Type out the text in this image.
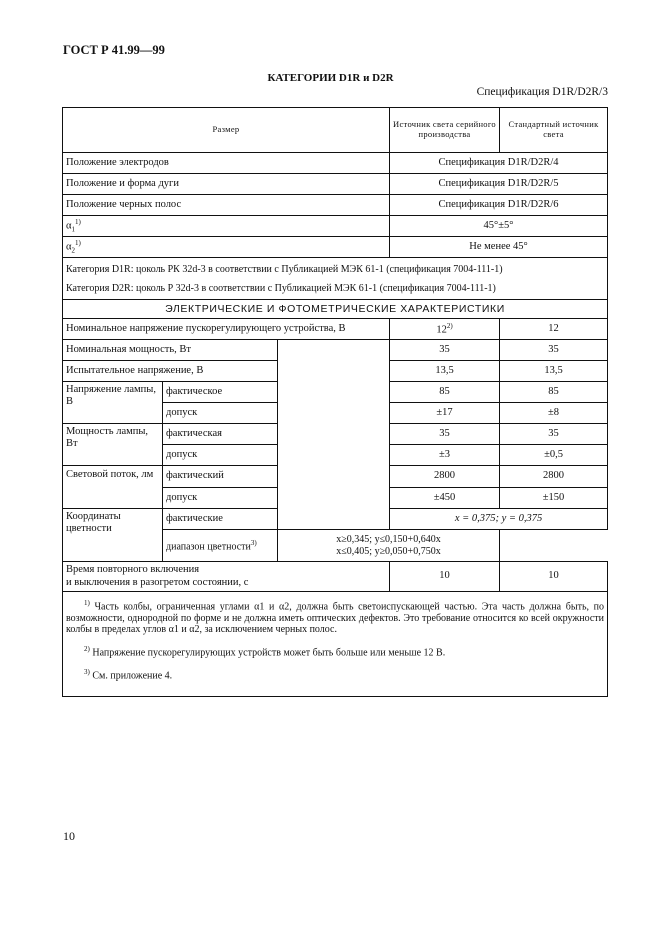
ГОСТ Р 41.99—99
КАТЕГОРИИ D1R и D2R
Спецификация D1R/D2R/3
Размер			Источник света серийного производства	Стандартный источник света
Положение электродов			Спецификация D1R/D2R/4	
Положение и форма дуги			Спецификация D1R/D2R/5	
Положение черных полос			Спецификация D1R/D2R/6	
$\alpha_1^{1)}$			45°±5°	
$\alpha_2^{1)}$			Не менее 45°	

Категория D1R: цоколь РК 32d-3 в соответствии с Публикацией МЭК 61-1 (спецификация 7004-111-1)
Категория D2R: цоколь Р 32d-3 в соответствии с Публикацией МЭК 61-1 (спецификация 7004-111-1)				

ЭЛЕКТРИЧЕСКИЕ И ФОТОМЕТРИЧЕСКИЕ ХАРАКТЕРИСТИКИ				
Номинальное напряжение пускорегулирующего устройства, В			12$^{2)}$	12
Номинальная мощность, Вт			35	35
Испытательное напряжение, В			13,5	13,5
Напряжение лампы, В	фактическое		85	85
	допуск		±17	±8
Мощность лампы, Вт	фактическая		35	35
	допуск		±3	±0,5
Световой поток, лм	фактический		2800	2800
	допуск		±450	±150
Координаты цветности	фактические		x = 0,375; y = 0,375	
	диапазон цветности$^{3)}$	x≥0,345; y≤0,150+0,640x
x≤0,405; y≥0,050+0,750x		

Время повторного включения
и выключения в разогретом состоянии, с			10	10

$^{1)}$ Часть колбы, ограниченная углами α1 и α2, должна быть светоиспускающей частью. Эта часть должна быть, по возможности, однородной по форме и не должна иметь оптических дефектов. Это требование относится ко всей окружности колбы в пределах углов α1 и α2, за исключением черных полос.

$^{2)}$ Напряжение пускорегулирующих устройств может быть больше или меньше 12 В.

$^{3)}$ См. приложение 4.				

10
